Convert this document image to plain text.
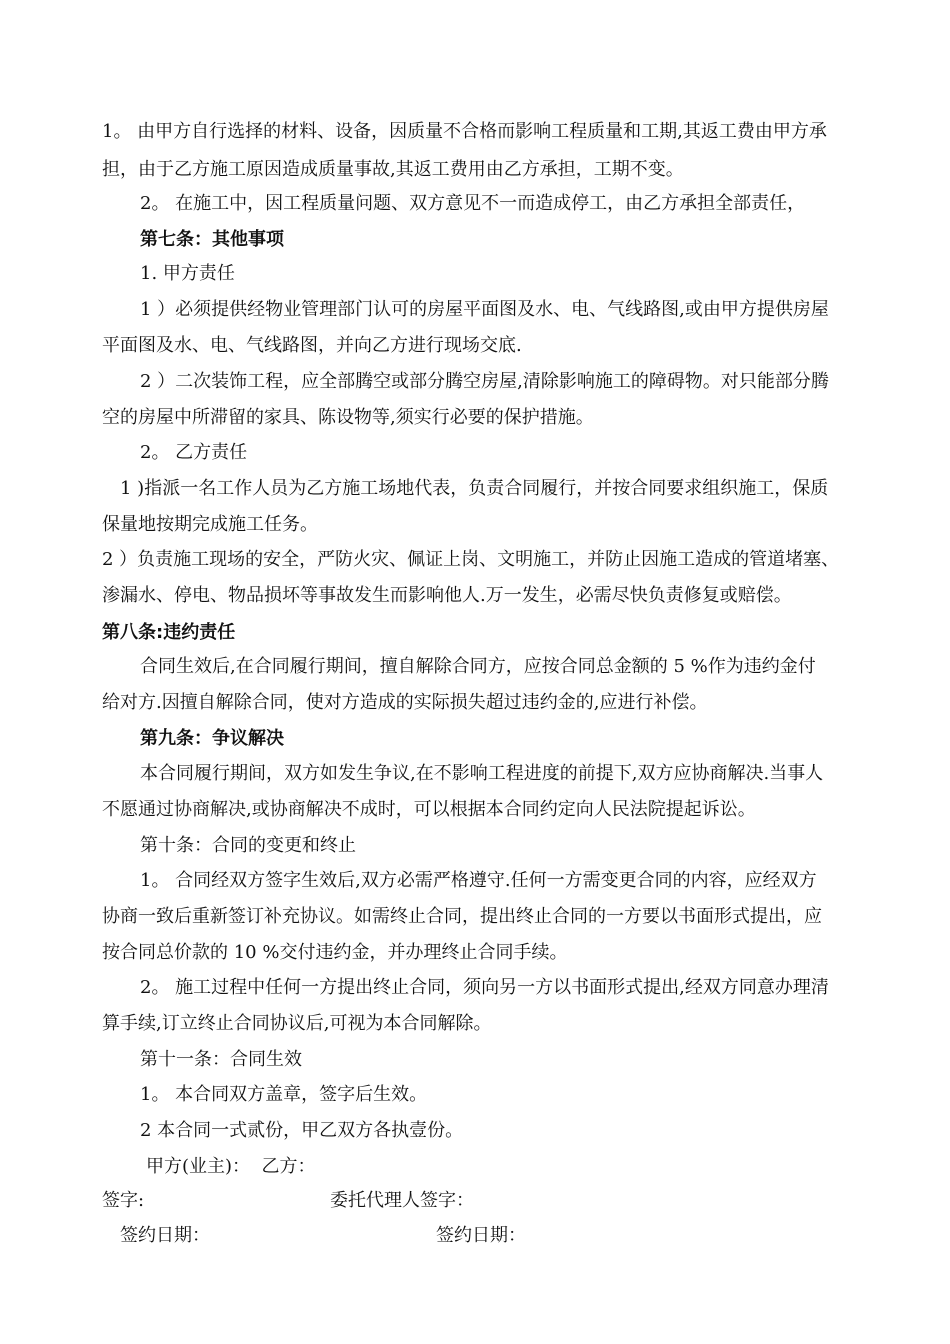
1。 由甲方自行选择的材料、设备，因质量不合格而影响工程质量和工期,其返工费由甲方承
担，由于乙方施工原因造成质量事故,其返工费用由乙方承担，工期不变。
2。 在施工中，因工程质量问题、双方意见不一而造成停工，由乙方承担全部责任，
第七条：其他事项
1. 甲方责任
1 ）必须提供经物业管理部门认可的房屋平面图及水、电、气线路图,或由甲方提供房屋
平面图及水、电、气线路图，并向乙方进行现场交底.
2 ）二次装饰工程，应全部腾空或部分腾空房屋,清除影响施工的障碍物。对只能部分腾
空的房屋中所滞留的家具、陈设物等,须实行必要的保护措施。
2。 乙方责任
1 )指派一名工作人员为乙方施工场地代表，负责合同履行，并按合同要求组织施工，保质
保量地按期完成施工任务。
2 ）负责施工现场的安全，严防火灾、佩证上岗、文明施工，并防止因施工造成的管道堵塞、
渗漏水、停电、物品损坏等事故发生而影响他人.万一发生，必需尽快负责修复或赔偿。
第八条:违约责任
合同生效后,在合同履行期间，擅自解除合同方，应按合同总金额的 5 %作为违约金付
给对方.因擅自解除合同，使对方造成的实际损失超过违约金的,应进行补偿。
第九条：争议解决
本合同履行期间，双方如发生争议,在不影响工程进度的前提下,双方应协商解决.当事人
不愿通过协商解决,或协商解决不成时，可以根据本合同约定向人民法院提起诉讼。
第十条：合同的变更和终止
1。 合同经双方签字生效后,双方必需严格遵守.任何一方需变更合同的内容，应经双方
协商一致后重新签订补充协议。如需终止合同，提出终止合同的一方要以书面形式提出，应
按合同总价款的 10 %交付违约金，并办理终止合同手续。
2。 施工过程中任何一方提出终止合同，须向另一方以书面形式提出,经双方同意办理清
算手续,订立终止合同协议后,可视为本合同解除。
第十一条：合同生效
1。 本合同双方盖章，签字后生效。
2 本合同一式贰份，甲乙双方各执壹份。
甲方(业主)：  乙方：
签字:	委托代理人签字：
签约日期：	签约日期：
